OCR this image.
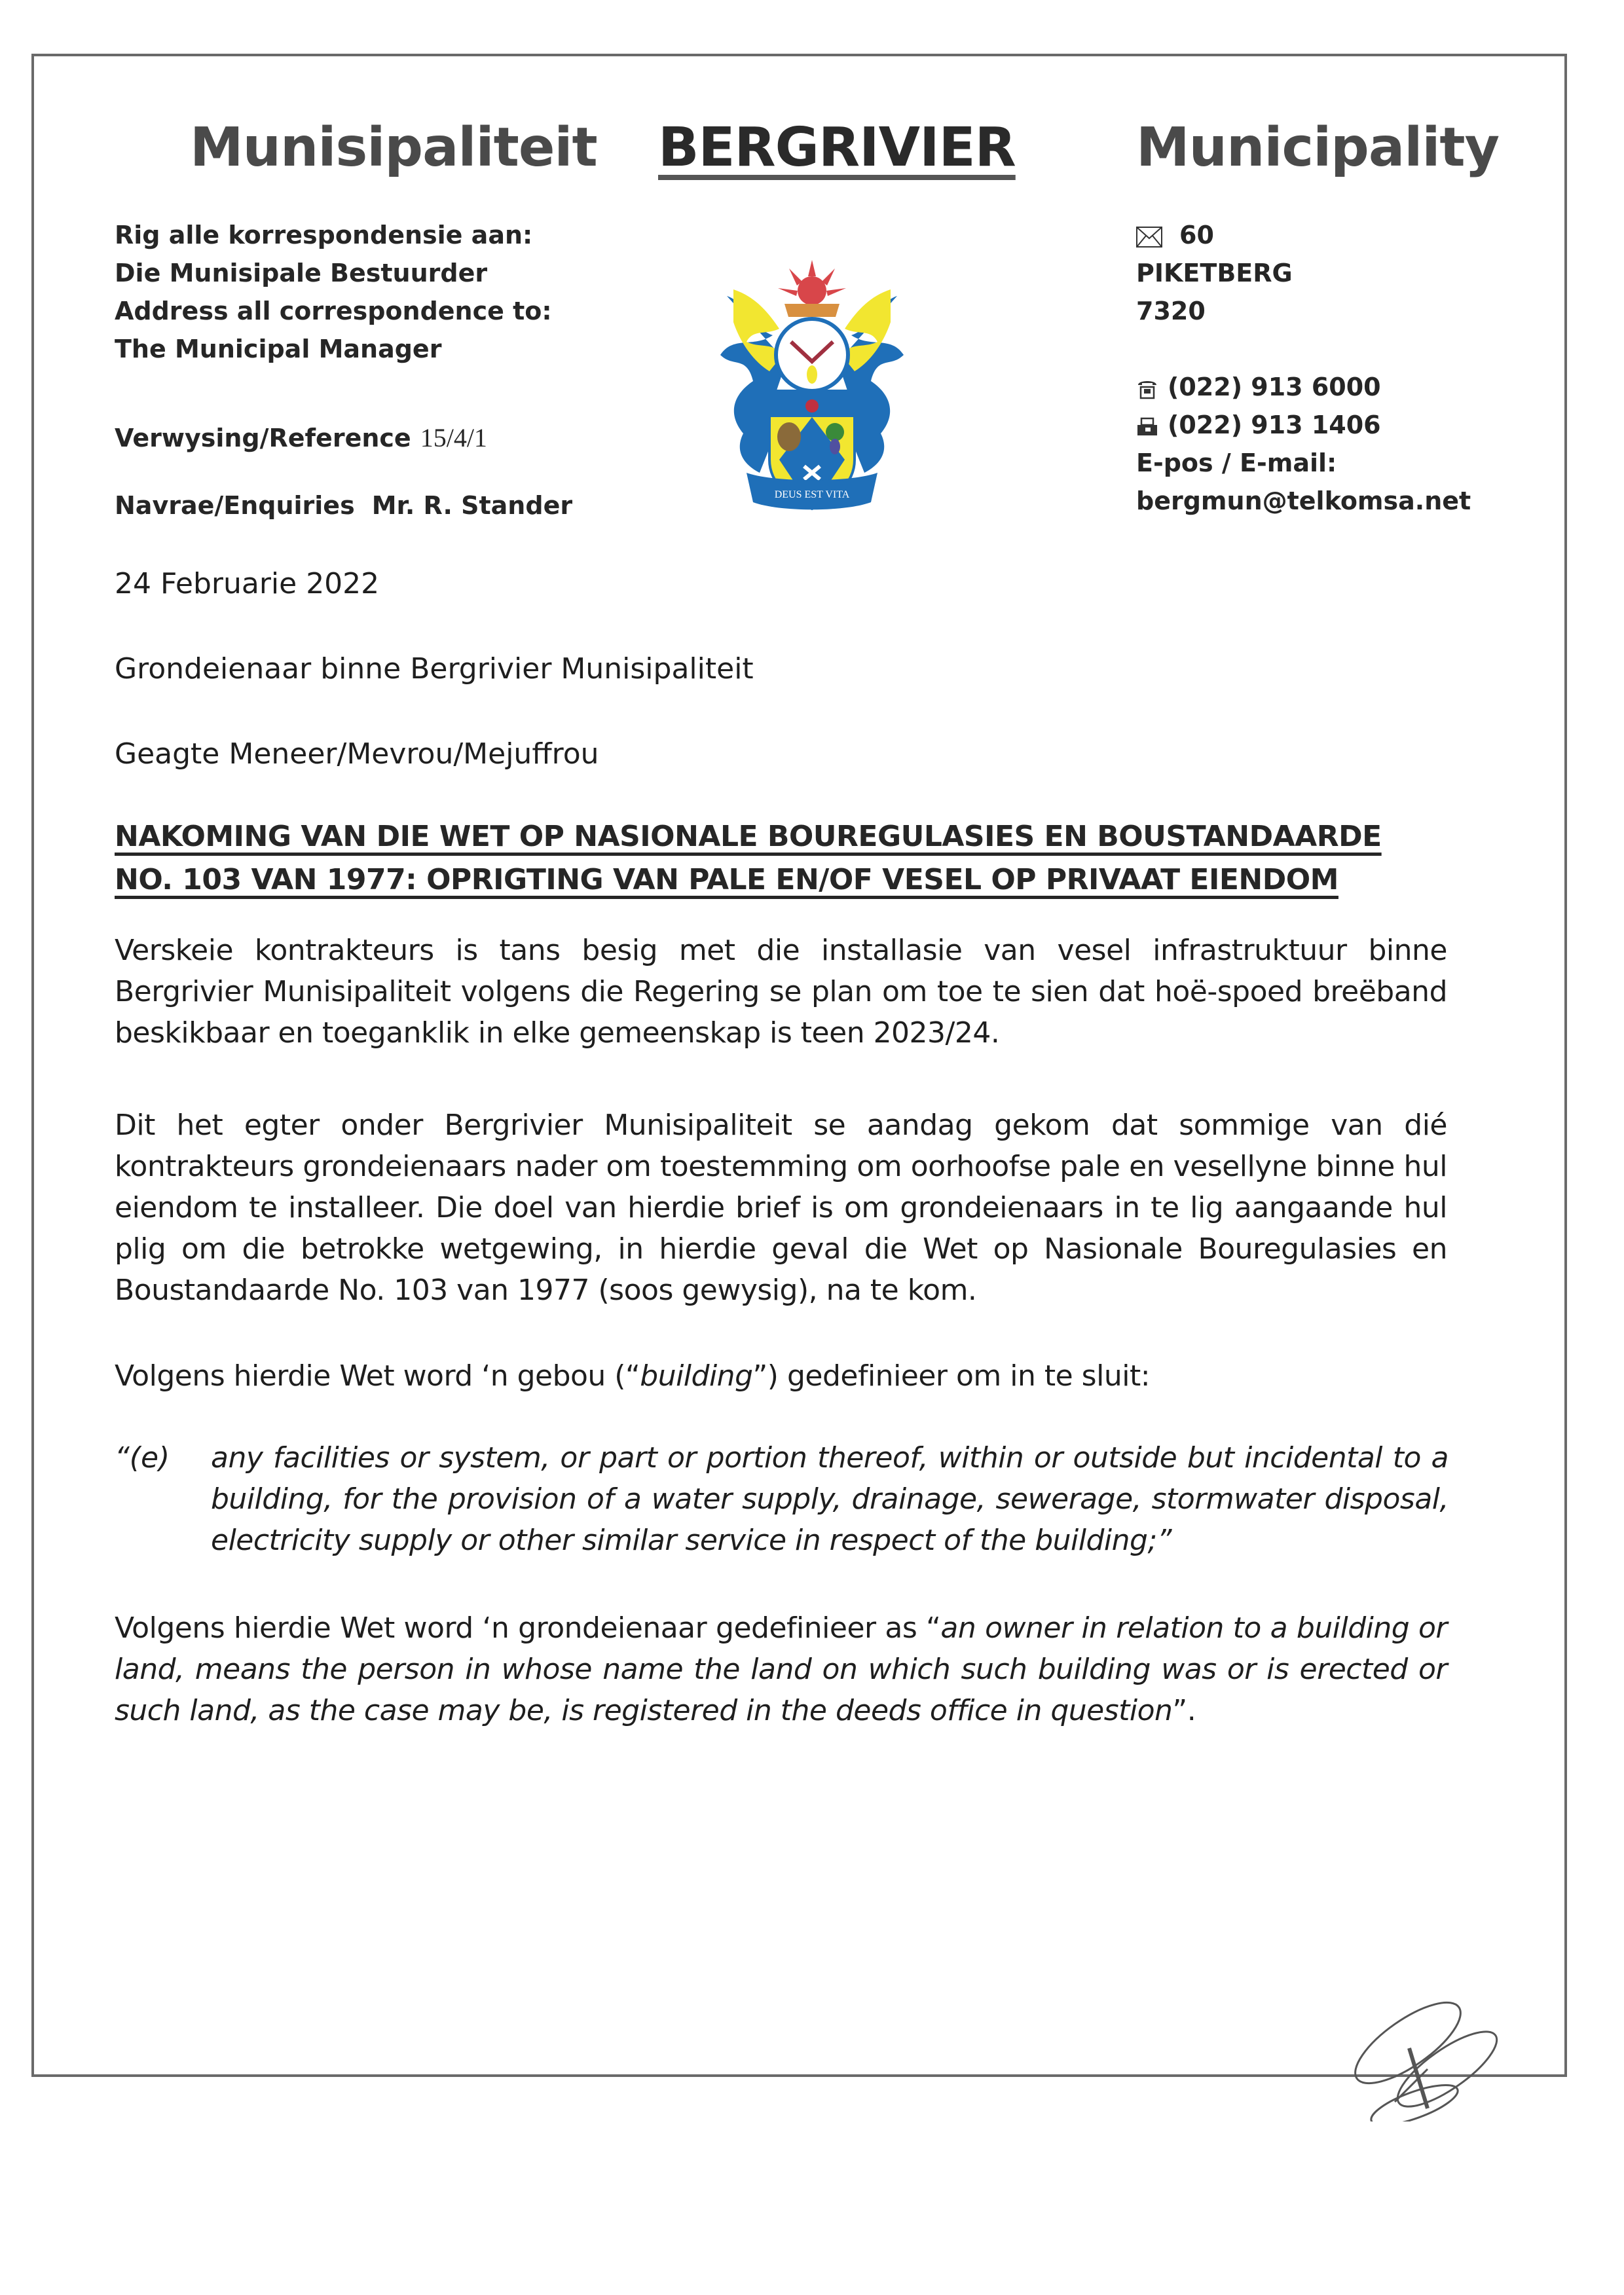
Munisipaliteit BERGRIVIER Municipality
Rig alle korrespondensie aan:
Die Munisipale Bestuurder
Address all correspondence to:
The Municipal Manager
Verwysing/Reference 15/4/1
Navrae/Enquiries Mr. R. Stander	DEUS EST VITA
60
PIKETBERG
7320
(022) 913 6000
(022) 913 1406
E-pos / E-mail:
bergmun@telkomsa.net
24 Februarie 2022
Grondeienaar binne Bergrivier Munisipaliteit
Geagte Meneer/Mevrou/Mejuffrou
NAKOMING VAN DIE WET OP NASIONALE BOUREGULASIES EN BOUSTANDAARDE
NO. 103 VAN 1977: OPRIGTING VAN PALE EN/OF VESEL OP PRIVAAT EIENDOM
Verskeie kontrakteurs is tans besig met die installasie van vesel infrastruktuur binne Bergrivier Munisipaliteit volgens die Regering se plan om toe te sien dat hoë-spoed breëband beskikbaar en toeganklik in elke gemeenskap is teen 2023/24.
Dit het egter onder Bergrivier Munisipaliteit se aandag gekom dat sommige van dié kontrakteurs grondeienaars nader om toestemming om oorhoofse pale en vesellyne binne hul eiendom te installeer. Die doel van hierdie brief is om grondeienaars in te lig aangaande hul plig om die betrokke wetgewing, in hierdie geval die Wet op Nasionale Bouregulasies en Boustandaarde No. 103 van 1977 (soos gewysig), na te kom.
Volgens hierdie Wet word ‘n gebou (“building”) gedefinieer om in te sluit:
“(e) any facilities or system, or part or portion thereof, within or outside but incidental to a building, for the provision of a water supply, drainage, sewerage, stormwater disposal, electricity supply or other similar service in respect of the building;”
Volgens hierdie Wet word ‘n grondeienaar gedefinieer as “an owner in relation to a building or land, means the person in whose name the land on which such building was or is erected or such land, as the case may be, is registered in the deeds office in question”.
